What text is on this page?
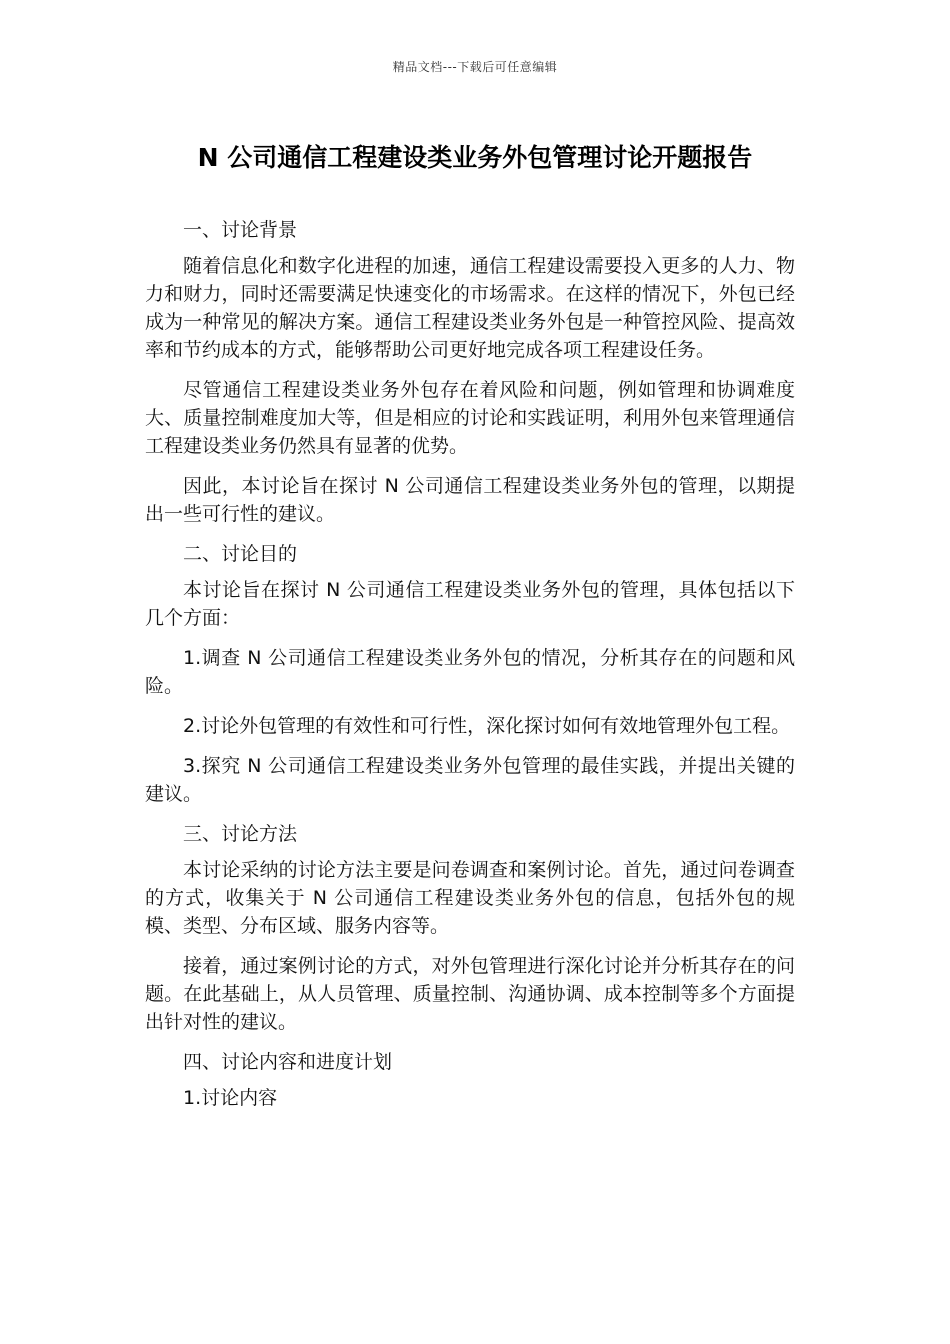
精品文档---下载后可任意编辑
N 公司通信工程建设类业务外包管理讨论开题报告

一、讨论背景

随着信息化和数字化进程的加速，通信工程建设需要投入更多的人力、物力和财力，同时还需要满足快速变化的市场需求。在这样的情况下，外包已经成为一种常见的解决方案。通信工程建设类业务外包是一种管控风险、提高效率和节约成本的方式，能够帮助公司更好地完成各项工程建设任务。

尽管通信工程建设类业务外包存在着风险和问题，例如管理和协调难度大、质量控制难度加大等，但是相应的讨论和实践证明，利用外包来管理通信工程建设类业务仍然具有显著的优势。

因此，本讨论旨在探讨 N 公司通信工程建设类业务外包的管理，以期提出一些可行性的建议。

二、讨论目的

本讨论旨在探讨 N 公司通信工程建设类业务外包的管理，具体包括以下几个方面：

1.调查 N 公司通信工程建设类业务外包的情况，分析其存在的问题和风险。

2.讨论外包管理的有效性和可行性，深化探讨如何有效地管理外包工程。

3.探究 N 公司通信工程建设类业务外包管理的最佳实践，并提出关键的建议。

三、讨论方法

本讨论采纳的讨论方法主要是问卷调查和案例讨论。首先，通过问卷调查的方式，收集关于 N 公司通信工程建设类业务外包的信息，包括外包的规模、类型、分布区域、服务内容等。

接着，通过案例讨论的方式，对外包管理进行深化讨论并分析其存在的问题。在此基础上，从人员管理、质量控制、沟通协调、成本控制等多个方面提出针对性的建议。

四、讨论内容和进度计划

1.讨论内容
